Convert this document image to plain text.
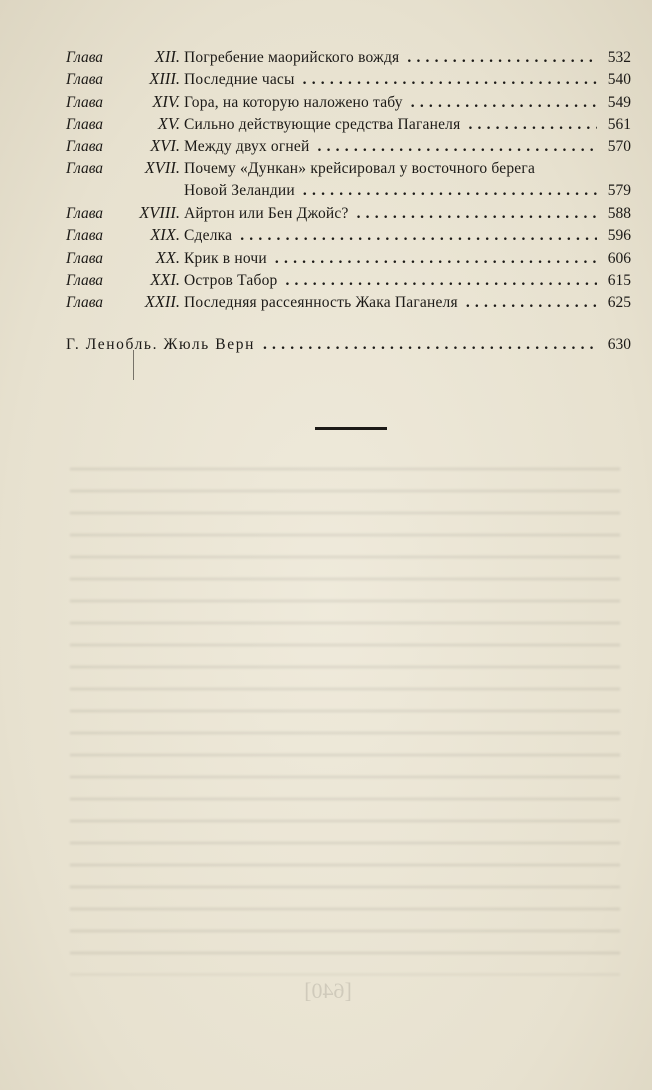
[640]
Глава	XII. Погребение маорийского вождя .....	532
Глава	XIII. Последние часы .....	540
Глава	XIV. Гора, на которую наложено табу .....	549
Глава	XV. Сильно действующие средства Паганеля .....	561
Глава	XVI. Между двух огней .....	570
Глава	XVII. Почему «Дункан» крейсировал у восточного берега
Новой Зеландии .....	579
Глава	XVIII. Айртон или Бен Джойс? .....	588
Глава	XIX. Сделка .....	596
Глава	XX. Крик в ночи .....	606
Глава	XXI. Остров Табор .....	615
Глава	XXII. Последняя рассеянность Жака Паганеля .....	625
Г. Ленобль. Жюль Верн .....	630
